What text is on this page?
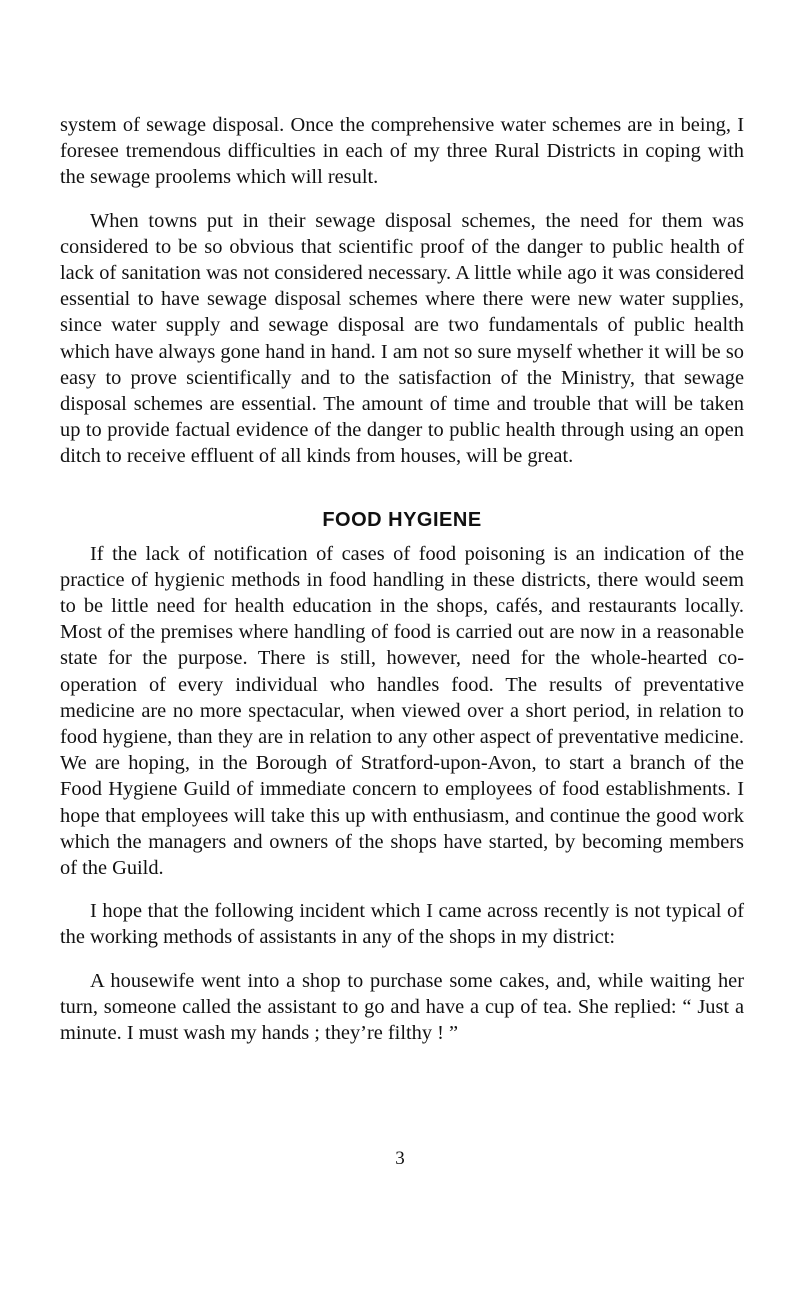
system of sewage disposal. Once the comprehensive water schemes are in being, I foresee tremendous difficulties in each of my three Rural Districts in coping with the sewage proolems which will result.

When towns put in their sewage disposal schemes, the need for them was considered to be so obvious that scientific proof of the danger to public health of lack of sanitation was not considered necessary. A little while ago it was considered essential to have sewage disposal schemes where there were new water supplies, since water supply and sewage disposal are two fundamentals of public health which have always gone hand in hand. I am not so sure myself whether it will be so easy to prove scientifically and to the satisfaction of the Ministry, that sewage disposal schemes are essential. The amount of time and trouble that will be taken up to provide factual evidence of the danger to public health through using an open ditch to receive effluent of all kinds from houses, will be great.

FOOD HYGIENE

If the lack of notification of cases of food poisoning is an indication of the practice of hygienic methods in food handling in these districts, there would seem to be little need for health education in the shops, cafés, and restaurants locally. Most of the premises where handling of food is carried out are now in a reasonable state for the purpose. There is still, however, need for the whole-hearted co-operation of every individual who handles food. The results of preventative medicine are no more spectacular, when viewed over a short period, in relation to food hygiene, than they are in relation to any other aspect of preventative medicine. We are hoping, in the Borough of Stratford-upon-Avon, to start a branch of the Food Hygiene Guild of immediate concern to employees of food establishments. I hope that employees will take this up with enthusiasm, and continue the good work which the managers and owners of the shops have started, by becoming members of the Guild.

I hope that the following incident which I came across recently is not typical of the working methods of assistants in any of the shops in my district:

A housewife went into a shop to purchase some cakes, and, while waiting her turn, someone called the assistant to go and have a cup of tea. She replied: “ Just a minute. I must wash my hands ; they’re filthy ! ”

3
